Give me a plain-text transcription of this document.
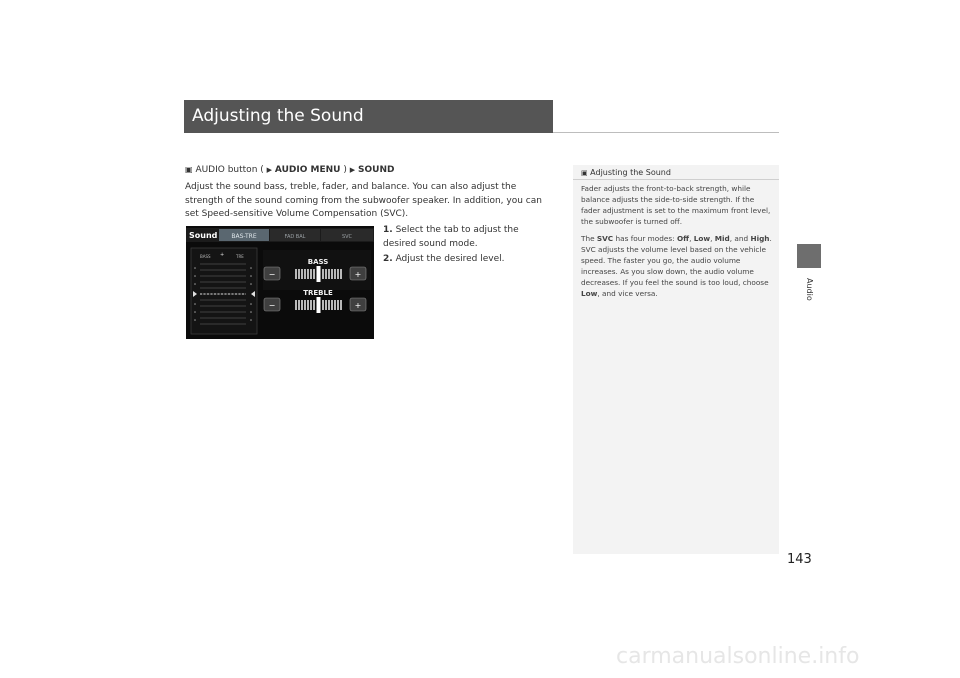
Adjusting the Sound
Audio
▣ AUDIO button ( ▶ AUDIO MENU ) ▶ SOUND
Adjust the sound bass, treble, fader, and balance. You can also adjust the strength of the sound coming from the subwoofer speaker. In addition, you can set Speed-sensitive Volume Compensation (SVC).
1. Select the tab to adjust the desired sound mode.
2. Adjust the desired level.
Sound BAS-TRE	FAD BAL	SVC
BASS	TRE
+
BASS
−	+
TREBLE
−	+
▣ Adjusting the Sound

Fader adjusts the front-to-back strength, while balance adjusts the side-to-side strength. If the fader adjustment is set to the maximum front level, the subwoofer is turned off.

The SVC has four modes: Off, Low, Mid, and High. SVC adjusts the volume level based on the vehicle speed. The faster you go, the audio volume increases. As you slow down, the audio volume decreases. If you feel the sound is too loud, choose Low, and vice versa.

143
carmanualsonline.info
